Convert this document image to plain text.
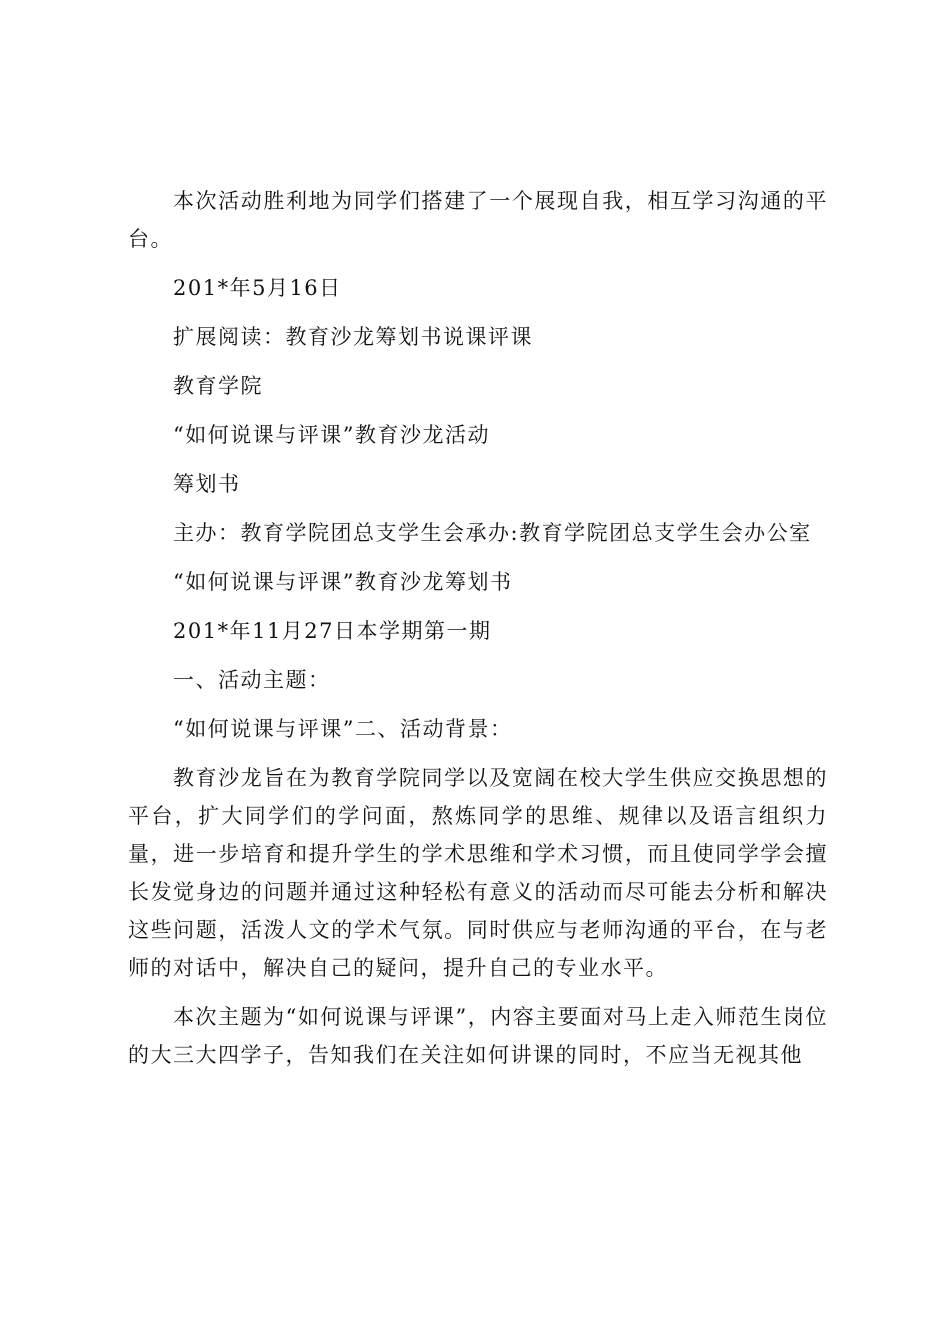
本次活动胜利地为同学们搭建了一个展现自我，相互学习沟通的平台。

201*年5月16日

扩展阅读：教育沙龙筹划书说课评课

教育学院

“如何说课与评课”教育沙龙活动

筹划书

主办：教育学院团总支学生会承办:教育学院团总支学生会办公室

“如何说课与评课”教育沙龙筹划书

201*年11月27日本学期第一期

一、活动主题：

“如何说课与评课”二、活动背景：

教育沙龙旨在为教育学院同学以及宽阔在校大学生供应交换思想的平台，扩大同学们的学问面，熬炼同学的思维、规律以及语言组织力量，进一步培育和提升学生的学术思维和学术习惯，而且使同学学会擅长发觉身边的问题并通过这种轻松有意义的活动而尽可能去分析和解决这些问题，活泼人文的学术气氛。同时供应与老师沟通的平台，在与老师的对话中，解决自己的疑问，提升自己的专业水平。

本次主题为“如何说课与评课”，内容主要面对马上走入师范生岗位的大三大四学子，告知我们在关注如何讲课的同时，不应当无视其他
